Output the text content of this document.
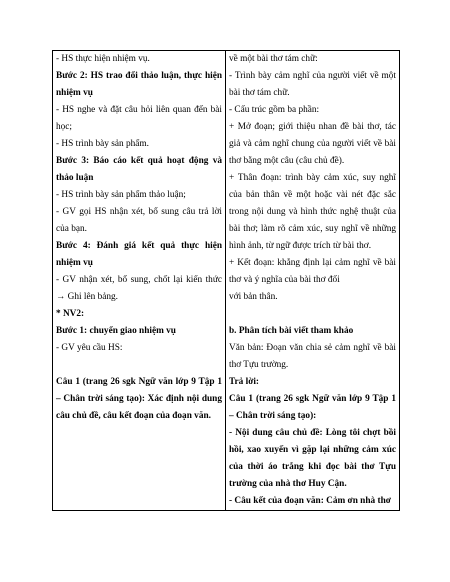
- HS thực hiện nhiệm vụ.

Bước 2: HS trao đổi thảo luận, thực hiện nhiệm vụ

- HS nghe và đặt câu hỏi liên quan đến bài học;

- HS trình bày sản phẩm.

Bước 3: Báo cáo kết quả hoạt động và thảo luận

- HS trình bày sản phẩm thảo luận;

- GV gọi HS nhận xét, bổ sung câu trả lời của bạn.

Bước 4: Đánh giá kết quả thực hiện nhiệm vụ

- GV nhận xét, bổ sung, chốt lại kiến thức → Ghi lên bảng.

* NV2:

Bước 1: chuyển giao nhiệm vụ

- GV yêu cầu HS:

Câu 1 (trang 26 sgk Ngữ văn lớp 9 Tập 1 – Chân trời sáng tạo): Xác định nội dung câu chủ đề, câu kết đoạn của đoạn văn.

về một bài thơ tám chữ:

- Trình bày cảm nghĩ của người viết về một bài thơ tám chữ.

- Cấu trúc gồm ba phần:

+ Mở đoạn; giới thiệu nhan đề bài thơ, tác giả và cảm nghĩ chung của người viết về bài thơ bằng một câu (câu chủ đề).

+ Thân đoạn: trình bày cảm xúc, suy nghĩ của bản thân về một hoặc vài nét đặc sắc trong nội dung và hình thức nghệ thuật của bài thơ; làm rõ cảm xúc, suy nghĩ về những hình ảnh, từ ngữ được trích từ bài thơ.

+ Kết đoạn: khẳng định lại cảm nghĩ về bài thơ và ý nghĩa của bài thơ đối

với bản thân.

b. Phân tích bài viết tham khảo

Văn bản: Đoạn văn chia sẻ cảm nghĩ về bài thơ Tựu trường.

Trả lời:

Câu 1 (trang 26 sgk Ngữ văn lớp 9 Tập 1 – Chân trời sáng tạo):

- Nội dung câu chủ đề: Lòng tôi chợt bồi hồi, xao xuyến vì gặp lại những cảm xúc của thời áo trắng khi đọc bài thơ Tựu trường của nhà thơ Huy Cận.

- Câu kết của đoạn văn: Cảm ơn nhà thơ
